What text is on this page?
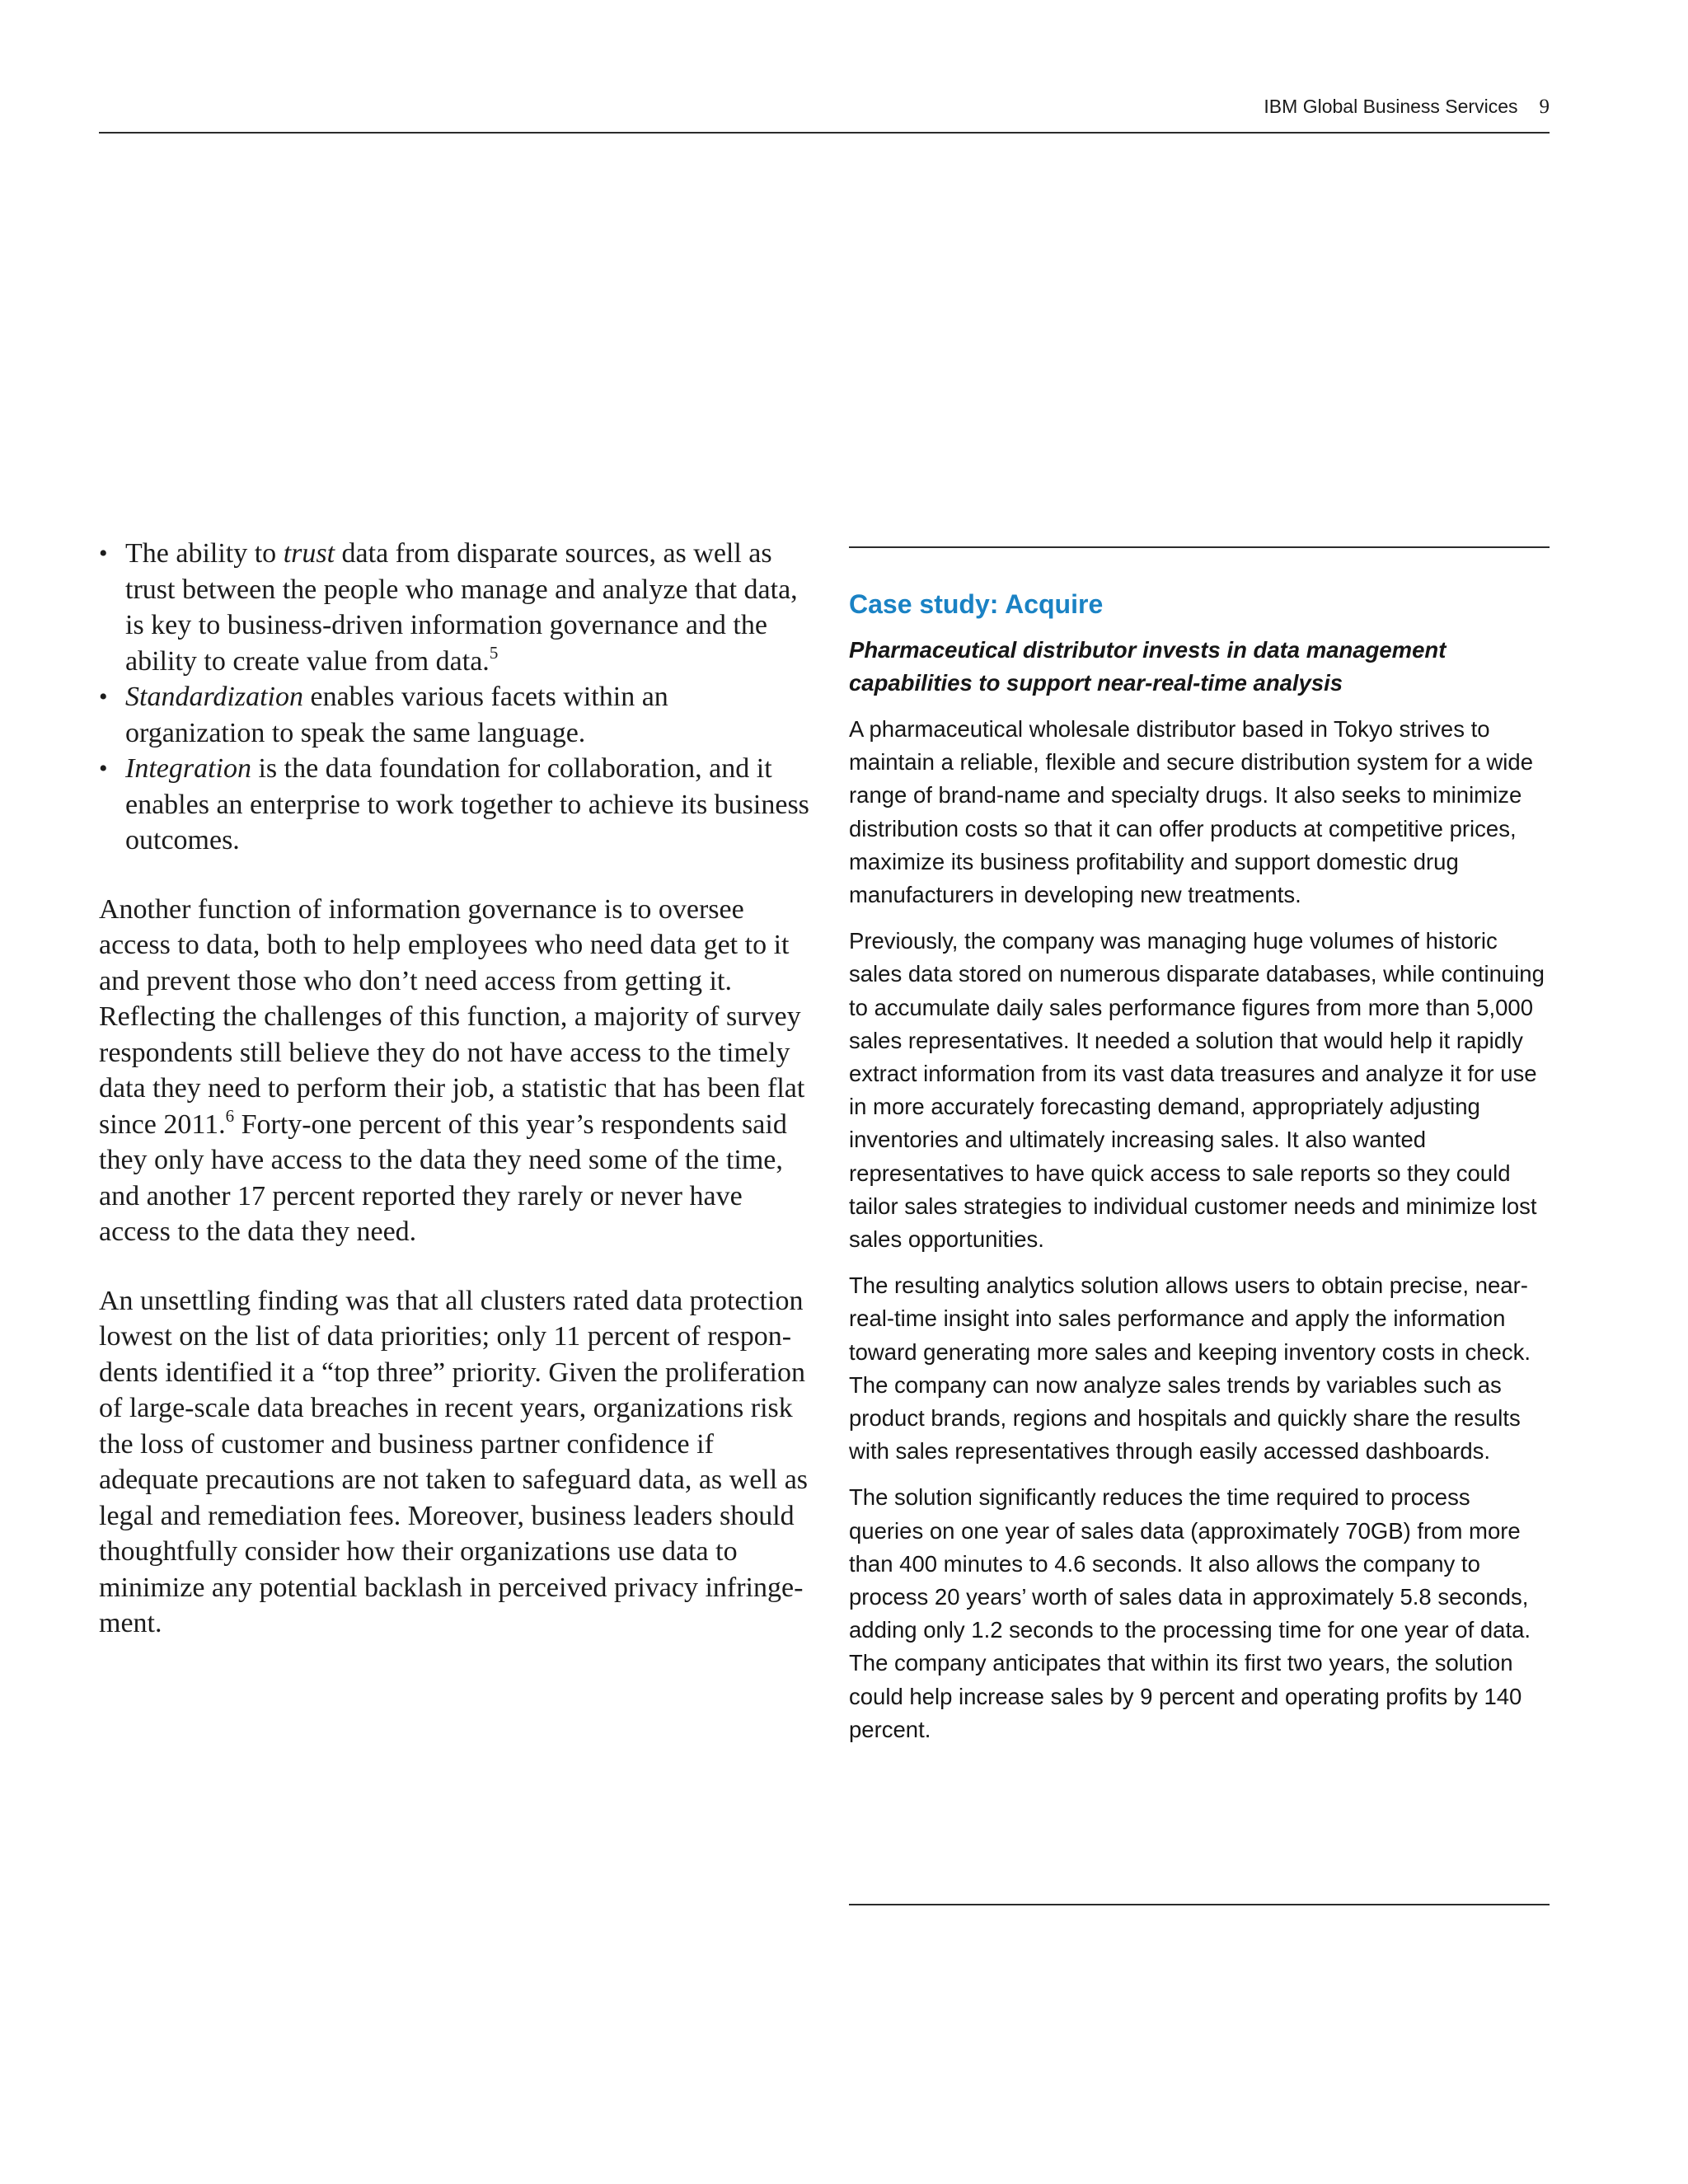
IBM Global Business Services 9
• The ability to trust data from disparate sources, as well as trust between the people who manage and analyze that data, is key to business-driven information governance and the ability to create value from data.$^5$
• Standardization enables various facets within an organization to speak the same language.
• Integration is the data foundation for collaboration, and it enables an enterprise to work together to achieve its business outcomes.

Another function of information governance is to oversee access to data, both to help employees who need data get to it and prevent those who don’t need access from getting it. Reflecting the challenges of this function, a majority of survey respondents still believe they do not have access to the timely data they need to perform their job, a statistic that has been flat since 2011.$^6$ Forty-one percent of this year’s respondents said they only have access to the data they need some of the time, and another 17 percent reported they rarely or never have access to the data they need.

An unsettling finding was that all clusters rated data protection lowest on the list of data priorities; only 11 percent of respondents identified it a “top three” priority. Given the proliferation of large-scale data breaches in recent years, organizations risk the loss of customer and business partner confidence if adequate precautions are not taken to safeguard data, as well as legal and remediation fees. Moreover, business leaders should thoughtfully consider how their organizations use data to minimize any potential backlash in perceived privacy infringement.

Case study: Acquire

Pharmaceutical distributor invests in data management capabilities to support near-real-time analysis

A pharmaceutical wholesale distributor based in Tokyo strives to maintain a reliable, flexible and secure distribution system for a wide range of brand-name and specialty drugs. It also seeks to minimize distribution costs so that it can offer products at competitive prices, maximize its business profitability and support domestic drug manufacturers in developing new treatments.

Previously, the company was managing huge volumes of historic sales data stored on numerous disparate databases, while continuing to accumulate daily sales performance figures from more than 5,000 sales representatives. It needed a solution that would help it rapidly extract information from its vast data treasures and analyze it for use in more accurately forecasting demand, appropriately adjusting inventories and ultimately increasing sales. It also wanted representatives to have quick access to sale reports so they could tailor sales strategies to individual customer needs and minimize lost sales opportunities.

The resulting analytics solution allows users to obtain precise, near-real-time insight into sales performance and apply the information toward generating more sales and keeping inventory costs in check. The company can now analyze sales trends by variables such as product brands, regions and hospitals and quickly share the results with sales representatives through easily accessed dashboards.

The solution significantly reduces the time required to process queries on one year of sales data (approximately 70GB) from more than 400 minutes to 4.6 seconds. It also allows the company to process 20 years’ worth of sales data in approximately 5.8 seconds, adding only 1.2 seconds to the processing time for one year of data. The company anticipates that within its first two years, the solution could help increase sales by 9 percent and operating profits by 140 percent.
